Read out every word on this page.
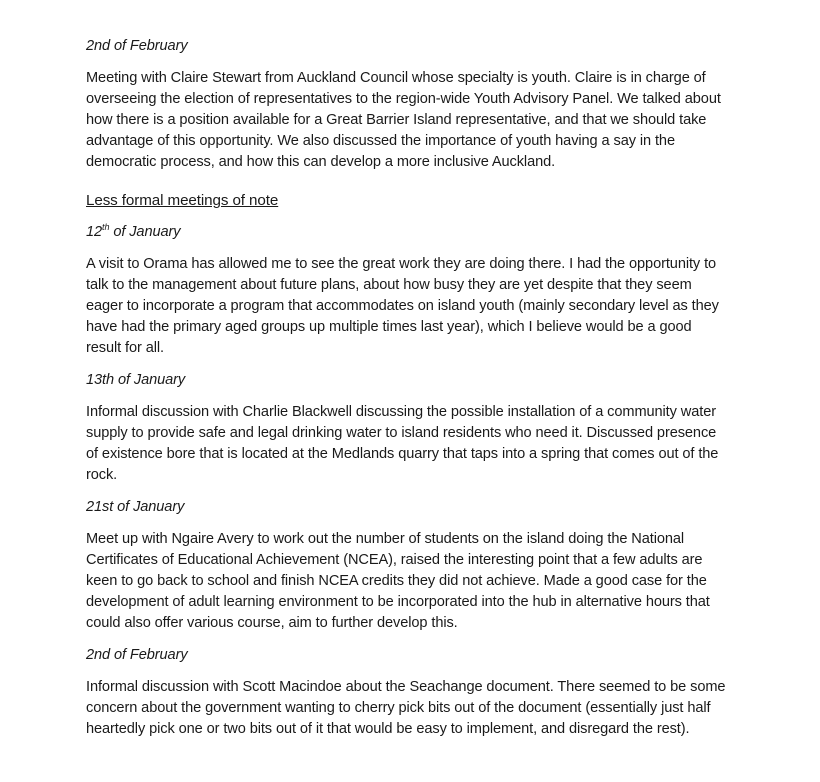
2nd of February
Meeting with Claire Stewart from Auckland Council whose specialty is youth. Claire is in charge of
overseeing the election of representatives to the region-wide Youth Advisory Panel. We talked about
how there is a position available for a Great Barrier Island representative, and that we should take
advantage of this opportunity. We also discussed the importance of youth having a say in the
democratic process, and how this can develop a more inclusive Auckland.
Less formal meetings of note
12th of January
A visit to Orama has allowed me to see the great work they are doing there. I had the opportunity to
talk to the management about future plans, about how busy they are yet despite that they seem
eager to incorporate a program that accommodates on island youth (mainly secondary level as they
have had the primary aged groups up multiple times last year), which I believe would be a good
result for all.
13th of January
Informal discussion with Charlie Blackwell discussing the possible installation of a community water
supply to provide safe and legal drinking water to island residents who need it. Discussed presence
of existence bore that is located at the Medlands quarry that taps into a spring that comes out of the
rock.
21st of January
Meet up with Ngaire Avery to work out the number of students on the island doing the National
Certificates of Educational Achievement (NCEA), raised the interesting point that a few adults are
keen to go back to school and finish NCEA credits they did not achieve. Made a good case for the
development of adult learning environment to be incorporated into the hub in alternative hours that
could also offer various course, aim to further develop this.
2nd of February
Informal discussion with Scott Macindoe about the Seachange document. There seemed to be some
concern about the government wanting to cherry pick bits out of the document (essentially just half
heartedly pick one or two bits out of it that would be easy to implement, and disregard the rest).
